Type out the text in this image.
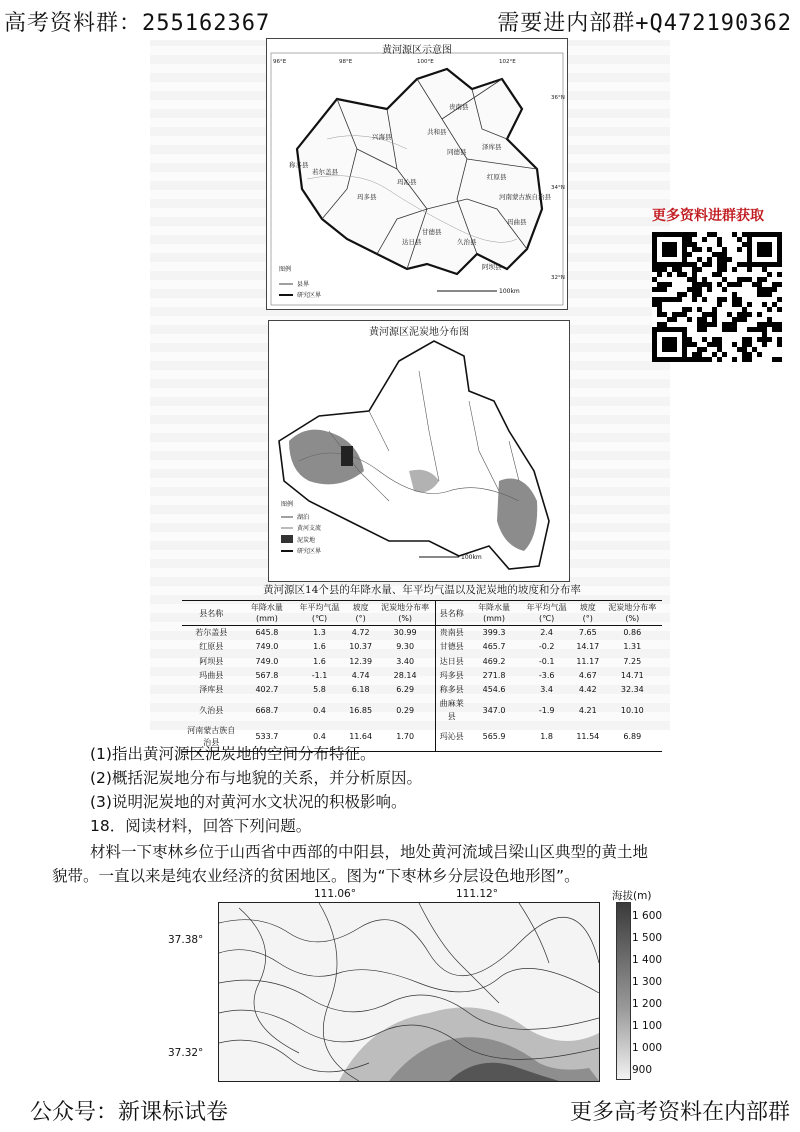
高考资料群：255162367	需要进内部群+Q472190362
黄河源区示意图
贵南县
共和县
泽库县
兴海县
同德县
红原县
若尔盖县
玛沁县
甘德县
玛多县
达日县	久治县
阿坝县
玛曲县
河南蒙古族自治县
称多县
96°E	98°E	100°E	102°E
36°N
34°N
32°N
图例
县界
研究区界
100km
黄河源区泥炭地分布图
图例
湖泊
黄河支流
泥炭地
研究区界
100km
黄河源区14个县的年降水量、年平均气温以及泥炭地的坡度和分布率
县名称	年降水量(mm)	年平均气温(℃)	坡度(°)	泥炭地分布率(%)	县名称	年降水量(mm)	年平均气温(℃)	坡度(°)	泥炭地分布率(%)
若尔盖县	645.8	1.3	4.72	30.99	贵南县	399.3	2.4	7.65	0.86
红原县	749.0	1.6	10.37	9.30	甘德县	465.7	-0.2	14.17	1.31
阿坝县	749.0	1.6	12.39	3.40	达日县	469.2	-0.1	11.17	7.25
玛曲县	567.8	-1.1	4.74	28.14	玛多县	271.8	-3.6	4.67	14.71
泽库县	402.7	5.8	6.18	6.29	称多县	454.6	3.4	4.42	32.34
久治县	668.7	0.4	16.85	0.29	曲麻莱县	347.0	-1.9	4.21	10.10
河南蒙古族自治县	533.7	0.4	11.64	1.70	玛沁县	565.9	1.8	11.54	6.89
更多资料进群获取
(1)指出黄河源区泥炭地的空间分布特征。
(2)概括泥炭地分布与地貌的关系，并分析原因。
(3)说明泥炭地的对黄河水文状况的积极影响。
18．阅读材料，回答下列问题。
材料一下枣林乡位于山西省中西部的中阳县，地处黄河流域吕梁山区典型的黄土地
貌带。一直以来是纯农业经济的贫困地区。图为“下枣林乡分层设色地形图”。
111.06°	111.12°
37.38°
37.32°
海拔(m)
1 600
1 500
1 400
1 300
1 200
1 100
1 000
900
公众号：新课标试卷	更多高考资料在内部群
